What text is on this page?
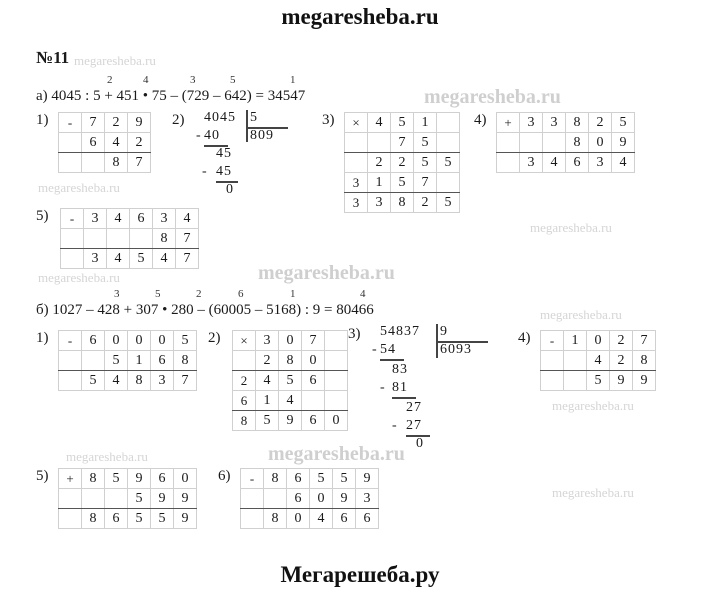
megaresheba.ru
Мегарешеба.ру
megaresheba.ru
megaresheba.ru
megaresheba.ru
megaresheba.ru
megaresheba.ru	megaresheba.ru
megaresheba.ru
megaresheba.ru
megaresheba.ru	megaresheba.ru
megaresheba.ru
№11
а) 4045 : 5 + 451 • 75 – (729 – 642) = 34547
2	4	3	5	1
1) -	7	2	9
	6	4	2
		8	7
2) 4045 5
809
- 40
45
- 45
0
3) ×	4	5	1	
		7	5	
	2	2	5	5
3	1	5	7	
3	3	8	2	5
4) +	3	3	8	2	5
			8	0	9
	3	4	6	3	4
5) -	3	4	6	3	4
				8	7
	3	4	5	4	7
б) 1027 – 428 + 307 • 280 – (60005 – 5168) : 9 = 80466
3	5	2	6	1	4
1) -	6	0	0	0	5
		5	1	6	8
	5	4	8	3	7
2) ×	3	0	7	
	2	8	0	
2	4	5	6	
6	1	4		
8	5	9	6	0
3) 54837 9
6093
- 54
83
- 81
27
- 27
0
4) -	1	0	2	7
		4	2	8
		5	9	9
5) +	8	5	9	6	0
			5	9	9
	8	6	5	5	9
6) -	8	6	5	5	9
		6	0	9	3
	8	0	4	6	6
